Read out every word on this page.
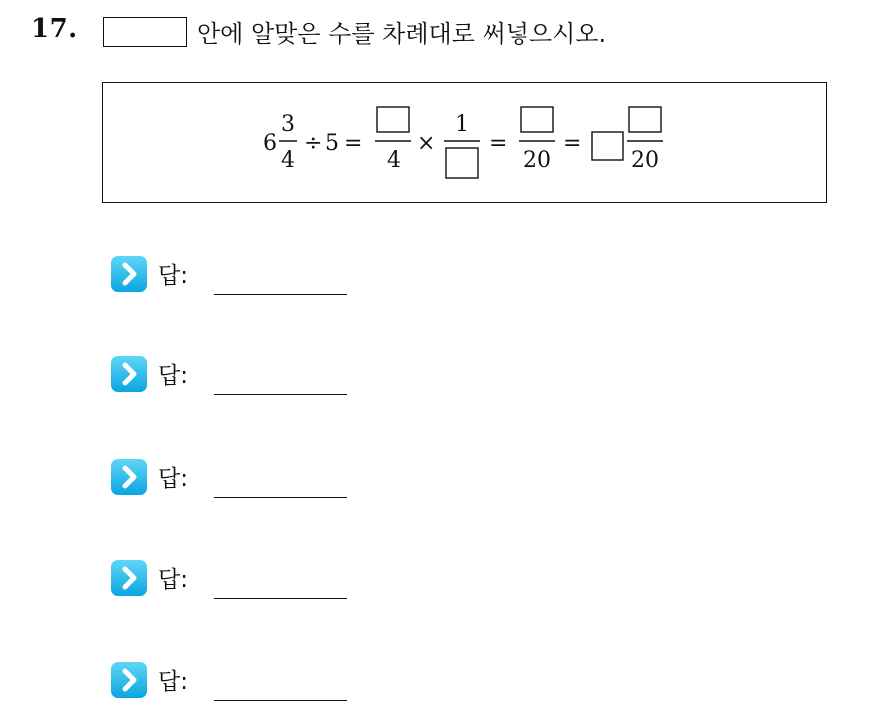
17.	안에 알맞은 수를 차례대로 써넣으시오.
6
3
4
÷ 5 =
4
×
1
=
20
=
20
답:
답:
답:
답:
답:
